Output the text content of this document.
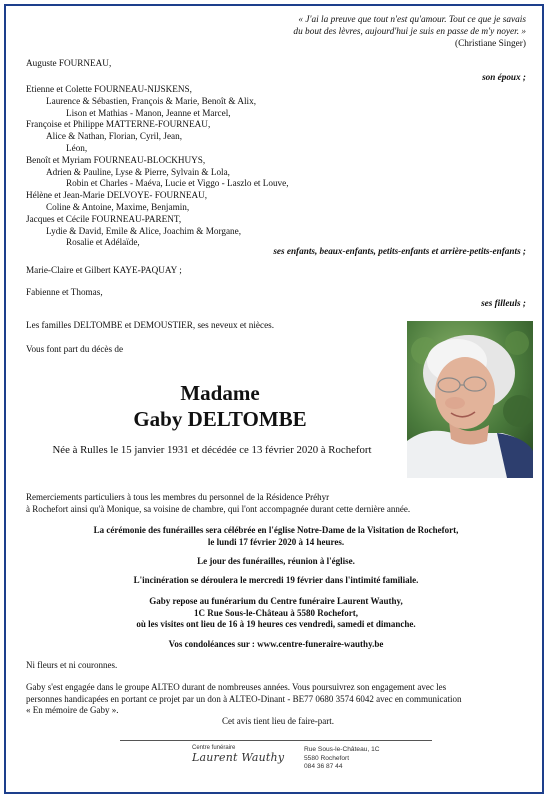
« J'ai la preuve que tout n'est qu'amour. Tout ce que je savais
du bout des lèvres, aujourd'hui je suis en passe de m'y noyer. »
(Christiane Singer)
Auguste FOURNEAU,
son époux ;
Etienne et Colette FOURNEAU-NIJSKENS,
Laurence & Sébastien, François & Marie, Benoît & Alix,
Lison et Mathias - Manon, Jeanne et Marcel,
Françoise et Philippe MATTERNE-FOURNEAU,
Alice & Nathan, Florian, Cyril, Jean,
Léon,
Benoît et Myriam FOURNEAU-BLOCKHUYS,
Adrien & Pauline, Lyse & Pierre, Sylvain & Lola,
Robin et Charles - Maéva, Lucie et Viggo - Laszlo et Louve,
Hélène et Jean-Marie DELVOYE- FOURNEAU,
Coline & Antoine, Maxime, Benjamin,
Jacques et Cécile FOURNEAU-PARENT,
Lydie & David, Emile & Alice, Joachim & Morgane,
Rosalie et Adélaïde,
ses enfants, beaux-enfants, petits-enfants et arrière-petits-enfants ;
Marie-Claire et Gilbert KAYE-PAQUAY ;
Fabienne et Thomas,
ses filleuls ;
Les familles DELTOMBE et DEMOUSTIER, ses neveux et nièces.
Vous font part du décès de
Madame
Gaby DELTOMBE
Née à Rulles le 15 janvier 1931 et décédée ce 13 février 2020 à Rochefort
Remerciements particuliers à tous les membres du personnel de la Résidence Préhyr
à Rochefort ainsi qu'à Monique, sa voisine de chambre, qui l'ont accompagnée durant cette dernière année.
La cérémonie des funérailles sera célébrée en l'église Notre-Dame de la Visitation de Rochefort,
le lundi 17 février 2020 à 14 heures.
Le jour des funérailles, réunion à l'église.
L'incinération se déroulera le mercredi 19 février dans l'intimité familiale.
Gaby repose au funérarium du Centre funéraire Laurent Wauthy,
1C Rue Sous-le-Château à 5580 Rochefort,
où les visites ont lieu de 16 à 19 heures ces vendredi, samedi et dimanche.
Vos condoléances sur : www.centre-funeraire-wauthy.be
Ni fleurs et ni couronnes.
Gaby s'est engagée dans le groupe ALTEO durant de nombreuses années. Vous poursuivrez son engagement avec les
personnes handicapées en portant ce projet par un don à ALTEO-Dinant - BE77 0680 3574 6042 avec en communication
« En mémoire de Gaby ».
Cet avis tient lieu de faire-part.
Centre funéraire
Laurent Wauthy
Rue Sous-le-Château, 1C
5580 Rochefort
084 36 87 44
